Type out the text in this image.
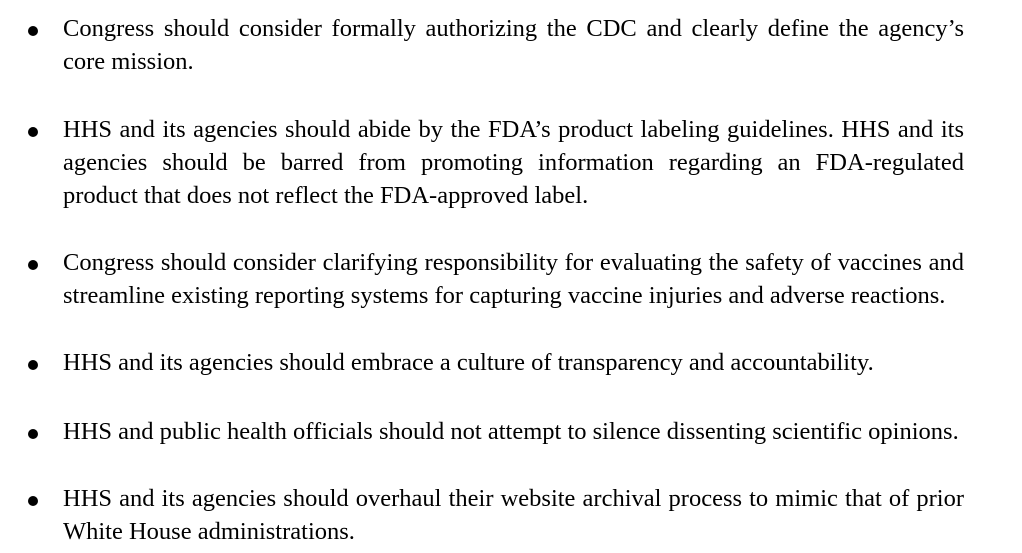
Congress should consider formally authorizing the CDC and clearly define the agency’s
core mission.
HHS and its agencies should abide by the FDA’s product labeling guidelines. HHS and its
agencies should be barred from promoting information regarding an FDA-regulated
product that does not reflect the FDA-approved label.
Congress should consider clarifying responsibility for evaluating the safety of vaccines and
streamline existing reporting systems for capturing vaccine injuries and adverse reactions.
HHS and its agencies should embrace a culture of transparency and accountability.
HHS and public health officials should not attempt to silence dissenting scientific opinions.
HHS and its agencies should overhaul their website archival process to mimic that of prior
White House administrations.
